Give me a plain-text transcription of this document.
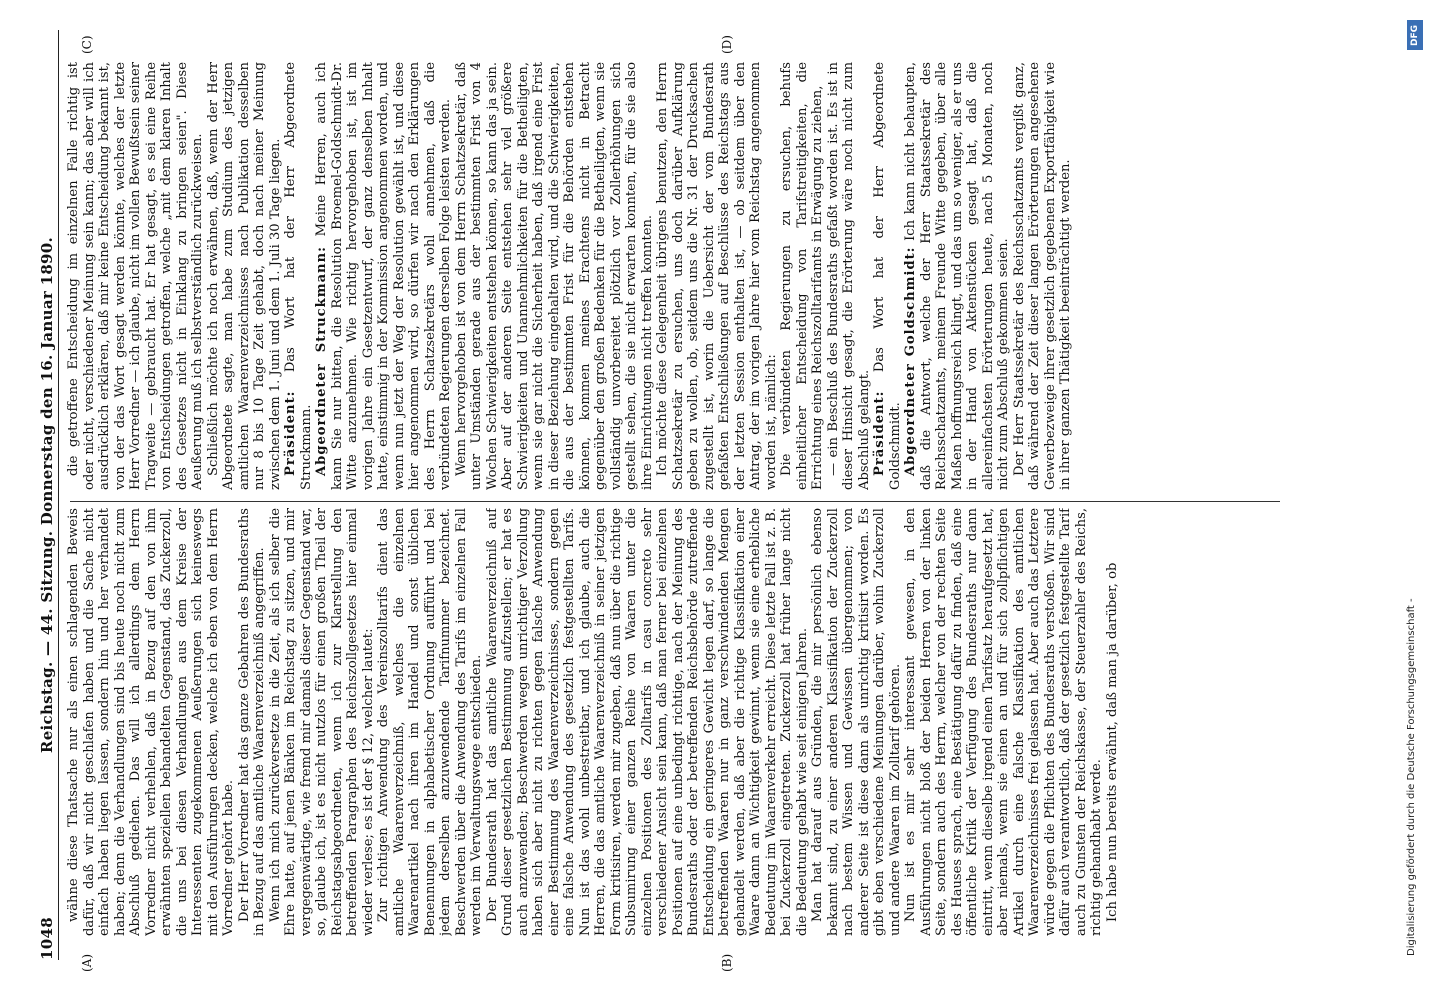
1048
Reichstag. — 44. Sitzung. Donnerstag den 16. Januar 1890.
(A)	(B)
(C)	(D)

wähne diese Thatsache nur als einen schlagenden Beweis dafür, daß wir nicht geschlafen haben und die Sache nicht einfach haben liegen lassen, sondern hin und her verhandelt haben; denn die Verhandlungen sind bis heute noch nicht zum Abschluß gediehen. Das will ich allerdings dem Herrn Vorredner nicht verhehlen, daß in Bezug auf den von ihm erwähnten speziellen behandelten Gegenstand, das Zuckerzoll, die uns bei diesen Verhandlungen aus dem Kreise der Interessenten zugekommenen Aeußerungen sich keineswegs mit den Ausführungen decken, welche ich eben von dem Herrn Vorredner gehört habe. Der Herr Vorredner hat das ganze Gebahren des Bundesraths in Bezug auf das amtliche Waarenverzeichniß angegriffen. Wenn ich mich zurückversetze in die Zeit, als ich selber die Ehre hatte, auf jenen Bänken im Reichstag zu sitzen, und mir vergegenwärtige, wie fremd mir damals dieser Gegenstand war, so, glaube ich, ist es nicht nutzlos für einen großen Theil der Reichstagsabgeordneten, wenn ich zur Klarstellung den betreffenden Paragraphen des Reichszollgesetzes hier einmal wieder verlese; es ist der § 12, welcher lautet: Zur richtigen Anwendung des Vereinszolltarifs dient das amtliche Waarenverzeichniß, welches die einzelnen Waarenartikel nach ihren im Handel und sonst üblichen Benennungen in alphabetischer Ordnung aufführt und bei jedem derselben anzuwendende Tarifnummer bezeichnet. Beschwerden über die Anwendung des Tarifs im einzelnen Fall werden im Verwaltungswege entschieden. Der Bundesrath hat das amtliche Waarenverzeichniß auf Grund dieser gesetzlichen Bestimmung aufzustellen; er hat es auch anzuwenden; Beschwerden wegen unrichtiger Verzollung haben sich aber nicht zu richten gegen falsche Anwendung einer Bestimmung des Waarenverzeichnisses, sondern gegen eine falsche Anwendung des gesetzlich festgestellten Tarifs. Nun ist das wohl unbestreitbar, und ich glaube, auch die Herren, die das amtliche Waarenverzeichniß in seiner jetzigen Form kritisiren, werden mir zugeben, daß nun über die richtige Subsumirung einer ganzen Reihe von Waaren unter die einzelnen Positionen des Zolltarifs in casu concreto sehr verschiedener Ansicht sein kann, daß man ferner bei einzelnen Positionen auf eine unbedingt richtige, nach der Meinung des Bundesraths oder der betreffenden Reichsbehörde zutreffende Entscheidung ein geringeres Gewicht legen darf, so lange die betreffenden Waaren nur in ganz verschwindenden Mengen gehandelt werden, daß aber die richtige Klassifikation einer Waare dann an Wichtigkeit gewinnt, wenn sie eine erhebliche Bedeutung im Waarenverkehr erreicht. Diese letzte Fall ist z. B. bei Zuckerzoll eingetreten. Zuckerzoll hat früher lange nicht die Bedeutung gehabt wie seit einigen Jahren. Man hat darauf aus Gründen, die mir persönlich ebenso bekannt sind, zu einer anderen Klassifikation der Zuckerzoll nach bestem Wissen und Gewissen übergenommen; von anderer Seite ist diese dann als unrichtig kritisirt worden. Es gibt eben verschiedene Meinungen darüber, wohin Zuckerzoll und andere Waaren im Zolltarif gehören. Nun ist es mir sehr interessant gewesen, in den Ausführungen nicht bloß der beiden Herren von der linken Seite, sondern auch des Herrn, welcher von der rechten Seite des Hauses sprach, eine Bestätigung dafür zu finden, daß eine öffentliche Kritik der Verfügung des Bundesraths nur dann eintritt, wenn dieselbe irgend einen Tarifsatz heraufgesetzt hat, aber niemals, wenn sie einen an und für sich zollpflichtigen Artikel durch eine falsche Klassifikation des amtlichen Waarenverzeichnisses frei gelassen hat. Aber auch das Letztere würde gegen die Pflichten des Bundesraths verstoßen. Wir sind dafür auch verantwortlich, daß der gesetzlich festgestellte Tarif auch zu Gunsten der Reichskasse, der Steuerzahler des Reichs, richtig gehandhabt werde. Ich habe nun bereits erwähnt, daß man ja darüber, ob

die getroffene Entscheidung im einzelnen Falle richtig ist oder nicht, verschiedener Meinung sein kann; das aber will ich ausdrücklich erklären, daß mir keine Entscheidung bekannt ist, von der das Wort gesagt werden könnte, welches der letzte Herr Vorredner — ich glaube, nicht im vollen Bewußtsein seiner Tragweite — gebraucht hat. Er hat gesagt, es sei eine Reihe von Entscheidungen getroffen, welche „mit dem klaren Inhalt des Gesetzes nicht in Einklang zu bringen seien". Diese Aeußerung muß ich selbstverständlich zurückweisen. Schließlich möchte ich noch erwähnen, daß, wenn der Herr Abgeordnete sagte, man habe zum Studium des jetzigen amtlichen Waarenverzeichnisses nach Publikation desselben nur 8 bis 10 Tage Zeit gehabt, doch nach meiner Meinung zwischen dem 1. Juni und dem 1. Juli 30 Tage liegen. Präsident: Das Wort hat der Herr Abgeordnete Struckmann. Abgeordneter Struckmann: Meine Herren, auch ich kann Sie nur bitten, die Resolution Broemel-Goldschmidt-Dr. Witte anzunehmen. Wie richtig hervorgehoben ist, ist im vorigen Jahre ein Gesetzentwurf, der ganz denselben Inhalt hatte, einstimmig in der Kommission angenommen worden, und wenn nun jetzt der Weg der Resolution gewählt ist, und diese hier angenommen wird, so dürfen wir nach den Erklärungen des Herrn Schatzsekretärs wohl annehmen, daß die verbündeten Regierungen derselben Folge leisten werden. Wenn hervorgehoben ist von dem Herrn Schatzsekretär, daß unter Umständen gerade aus der bestimmten Frist von 4 Wochen Schwierigkeiten entstehen können, so kann das ja sein. Aber auf der anderen Seite entstehen sehr viel größere Schwierigkeiten und Unannehmlichkeiten für die Betheiligten, wenn sie gar nicht die Sicherheit haben, daß irgend eine Frist in dieser Beziehung eingehalten wird, und die Schwierigkeiten, die aus der bestimmten Frist für die Behörden entstehen können, kommen meines Erachtens nicht in Betracht gegenüber den großen Bedenken für die Betheiligten, wenn sie vollständig unvorbereitet plötzlich vor Zollerhöhungen sich gestellt sehen, die sie nicht erwarten konnten, für die sie also ihre Einrichtungen nicht treffen konnten. Ich möchte diese Gelegenheit übrigens benutzen, den Herrn Schatzsekretär zu ersuchen, uns doch darüber Aufklärung geben zu wollen, ob, seitdem uns die Nr. 31 der Drucksachen zugestellt ist, worin die Uebersicht der vom Bundesrath gefaßten Entschließungen auf Beschlüsse des Reichstags aus der letzten Session enthalten ist, — ob seitdem über den Antrag, der im vorigen Jahre hier vom Reichstag angenommen worden ist, nämlich: Die verbündeten Regierungen zu ersuchen, behufs einheitlicher Entscheidung von Tarifstreitigkeiten, die Errichtung eines Reichszolltarifamts in Erwägung zu ziehen, — ein Beschluß des Bundesraths gefaßt worden ist. Es ist in dieser Hinsicht gesagt, die Erörterung wäre noch nicht zum Abschluß gelangt. Präsident: Das Wort hat der Herr Abgeordnete Goldschmidt. Abgeordneter Goldschmidt: Ich kann nicht behaupten, daß die Antwort, welche der Herr Staatssekretär des Reichsschatzamts, meinem Freunde Witte gegeben, über alle Maßen hoffnungsreich klingt, und das um so weniger, als er uns in der Hand von Aktenstücken gesagt hat, daß die allereinfachsten Erörterungen heute, nach 5 Monaten, noch nicht zum Abschluß gekommen seien. Der Herr Staatssekretär des Reichsschatzamts vergißt ganz, daß während der Zeit dieser langen Erörterungen angesehene Gewerbezweige ihrer gesetzlich gegebenen Exportfähigkeit wie in ihrer ganzen Thätigkeit beeinträchtigt werden.

DFG
Digitalisierung gefördert durch die Deutsche Forschungsgemeinschaft -
